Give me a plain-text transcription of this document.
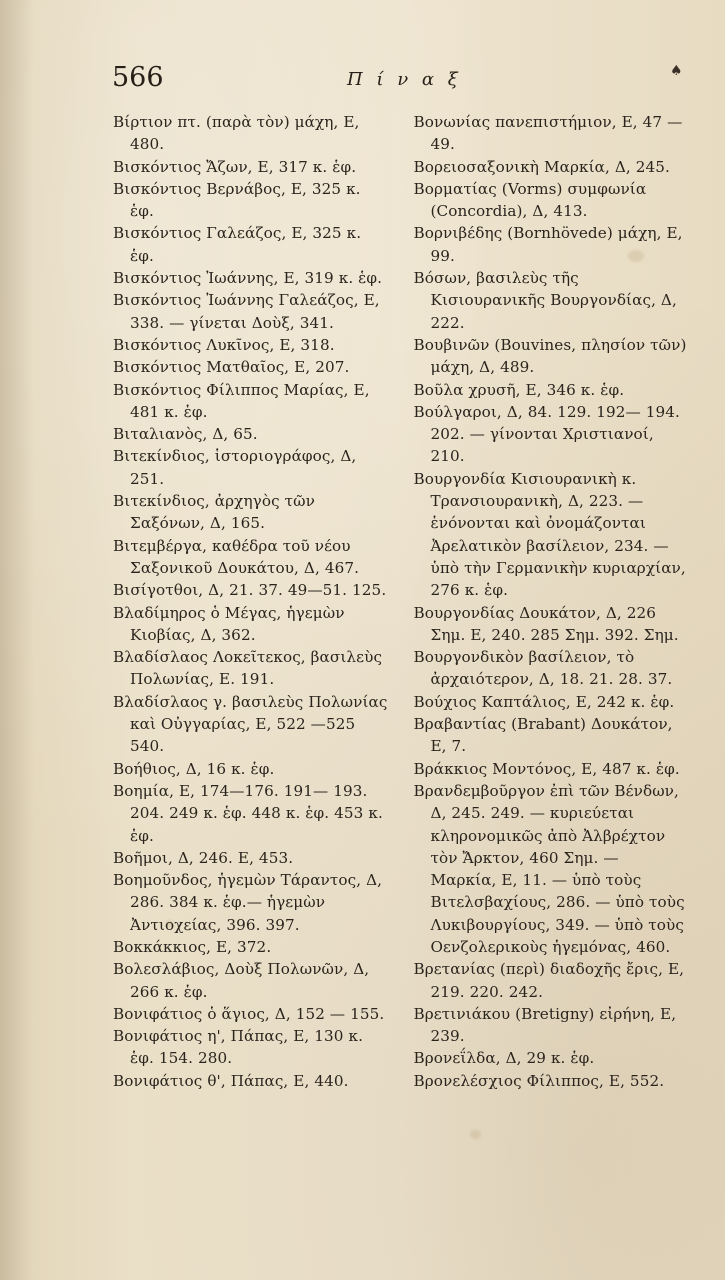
566	Π ί ν α ξ	♠

Βίρτιον πτ. (παρὰ τὸν) μάχη, Ε, 480.

Βισκόντιος Ἄζων, Ε, 317 κ. ἑφ.

Βισκόντιος Βερνάβος, Ε, 325 κ. ἑφ.

Βισκόντιος Γαλεάζος, Ε, 325 κ. ἑφ.

Βισκόντιος Ἰωάννης, Ε, 319 κ. ἑφ.

Βισκόντιος Ἰωάννης Γαλεάζος, Ε, 338. — γίνεται Δοὺξ, 341.

Βισκόντιος Λυκῖνος, Ε, 318.

Βισκόντιος Ματθαῖος, Ε, 207.

Βισκόντιος Φίλιππος Μαρίας, Ε, 481 κ. ἑφ.

Βιταλιανὸς, Δ, 65.

Βιτεκίνδιος, ἱστοριογράφος, Δ, 251.

Βιτεκίνδιος, ἀρχηγὸς τῶν Σαξόνων, Δ, 165.

Βιτεμβέργα, καθέδρα τοῦ νέου Σαξονικοῦ Δουκάτου, Δ, 467.

Βισίγοτθοι, Δ, 21. 37. 49—51. 125.

Βλαδίμηρος ὁ Μέγας, ἡγεμὼν Κιοβίας, Δ, 362.

Βλαδίσλαος Λοκεῖτεκος, βασιλεὺς Πολωνίας, Ε. 191.

Βλαδίσλαος γ. βασιλεὺς Πολωνίας καὶ Οὐγγαρίας, Ε, 522 —525 540.

Βοήθιος, Δ, 16 κ. ἑφ.

Βοημία, Ε, 174—176. 191— 193. 204. 249 κ. ἑφ. 448 κ. ἑφ. 453 κ. ἑφ.

Βοῆμοι, Δ, 246. Ε, 453.

Βοημοῦνδος, ἡγεμὼν Τάραντος, Δ, 286. 384 κ. ἑφ.— ἡγεμὼν Ἀντιοχείας, 396. 397.

Βοκκάκκιος, Ε, 372.

Βολεσλάβιος, Δοὺξ Πολωνῶν, Δ, 266 κ. ἑφ.

Βονιφάτιος ὁ ἅγιος, Δ, 152 — 155.

Βονιφάτιος η', Πάπας, Ε, 130 κ. ἑφ. 154. 280.

Βονιφάτιος θ', Πάπας, Ε, 440.

Βονωνίας πανεπιστήμιον, Ε, 47 — 49.

Βορειοσαξονικὴ Μαρκία, Δ, 245.

Βορματίας (Vorms) συμφωνία (Concordia), Δ, 413.

Βορνιβέδης (Bornhövede) μάχη, Ε, 99.

Βόσων, βασιλεὺς τῆς Κισιουρανικῆς Βουργονδίας, Δ, 222.

Βουβινῶν (Bouvines, πλησίον τῶν) μάχη, Δ, 489.

Βοῦλα χρυσῆ, Ε, 346 κ. ἑφ.

Βούλγαροι, Δ, 84. 129. 192— 194. 202. — γίνονται Χριστιανοί, 210.

Βουργονδία Κισιουρανικὴ κ. Τρανσιουρανικὴ, Δ, 223. — ἑνόνονται καὶ ὀνομάζονται Ἀρελατικὸν βασίλειον, 234. — ὑπὸ τὴν Γερμανικὴν κυριαρχίαν, 276 κ. ἑφ.

Βουργονδίας Δουκάτον, Δ, 226 Σημ. Ε, 240. 285 Σημ. 392. Σημ.

Βουργονδικὸν βασίλειον, τὸ ἀρχαιότερον, Δ, 18. 21. 28. 37.

Βούχιος Καπτάλιος, Ε, 242 κ. ἑφ.

Βραβαντίας (Brabant) Δουκάτον, Ε, 7.

Βράκκιος Μοντόνος, Ε, 487 κ. ἑφ.

Βρανδεμβοῦργον ἐπὶ τῶν Βένδων, Δ, 245. 249. — κυριεύεται κληρονομικῶς ἀπὸ Ἀλβρέχτον τὸν Ἄρκτον, 460 Σημ. — Μαρκία, Ε, 11. — ὑπὸ τοὺς Βιτελσβαχίους, 286. — ὑπὸ τοὺς Λυκιβουργίους, 349. — ὑπὸ τοὺς Οενζολερικοὺς ἡγεμόνας, 460.

Βρετανίας (περὶ) διαδοχῆς ἔρις, Ε, 219. 220. 242.

Βρετινιάκου (Bretigny) εἰρήνη, Ε, 239.

Βρονεΐλδα, Δ, 29 κ. ἑφ.

Βρονελέσχιος Φίλιππος, Ε, 552.
